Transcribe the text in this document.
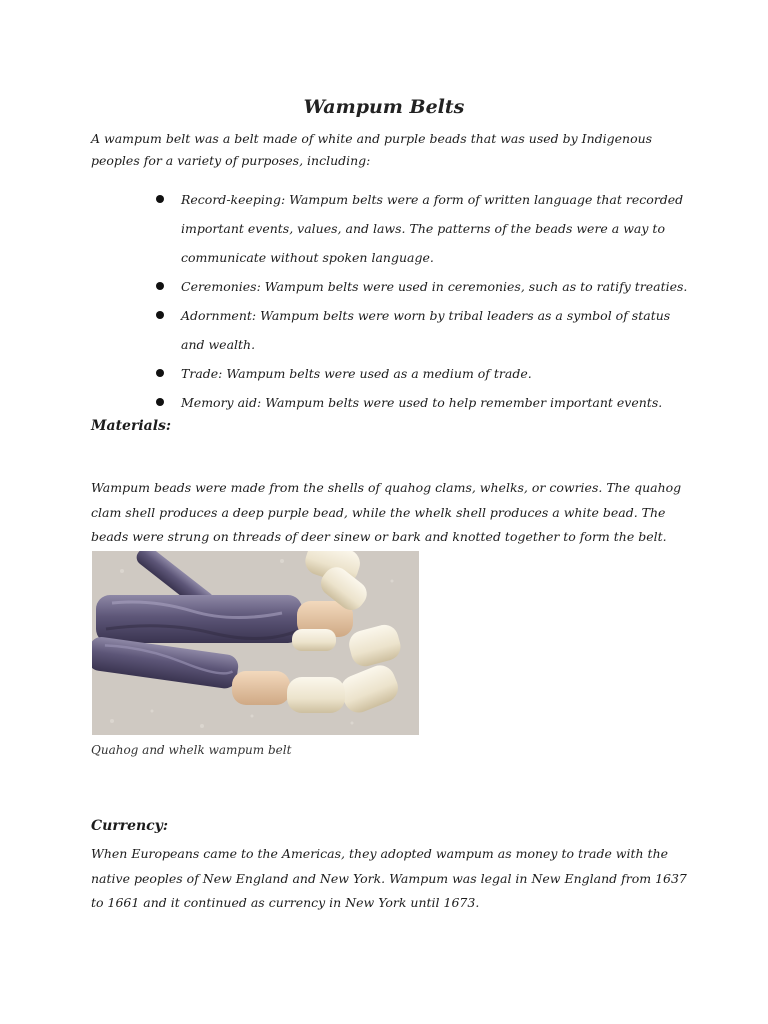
Wampum Belts
A wampum belt was a belt made of white and purple beads that was used by Indigenous peoples for a variety of purposes, including:
Record-keeping: Wampum belts were a form of written language that recorded important events, values, and laws. The patterns of the beads were a way to communicate without spoken language.
Ceremonies: Wampum belts were used in ceremonies, such as to ratify treaties.
Adornment: Wampum belts were worn by tribal leaders as a symbol of status and wealth.
Trade: Wampum belts were used as a medium of trade.
Memory aid: Wampum belts were used to help remember important events.
Materials:
Wampum beads were made from the shells of quahog clams, whelks, or cowries. The quahog clam shell produces a deep purple bead, while the whelk shell produces a white bead. The beads were strung on threads of deer sinew or bark and knotted together to form the belt.
Quahog and whelk wampum belt
Currency:
When Europeans came to the Americas, they adopted wampum as money to trade with the native peoples of New England and New York. Wampum was legal in New England from 1637 to 1661 and it continued as currency in New York until 1673.
